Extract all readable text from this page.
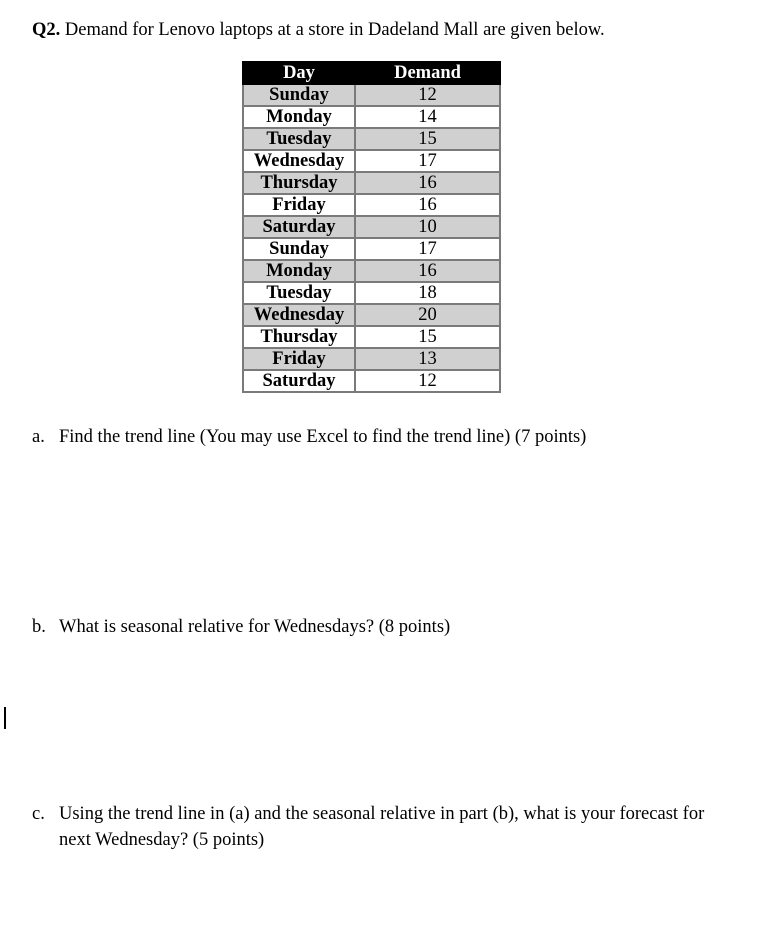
Q2. Demand for Lenovo laptops at a store in Dadeland Mall are given below.
Day	Demand
Sunday	12
Monday	14
Tuesday	15
Wednesday	17
Thursday	16
Friday	16
Saturday	10
Sunday	17
Monday	16
Tuesday	18
Wednesday	20
Thursday	15
Friday	13
Saturday	12
a. Find the trend line (You may use Excel to find the trend line) (7 points)
b. What is seasonal relative for Wednesdays? (8 points)
c. Using the trend line in (a) and the seasonal relative in part (b), what is your forecast for
next Wednesday? (5 points)
